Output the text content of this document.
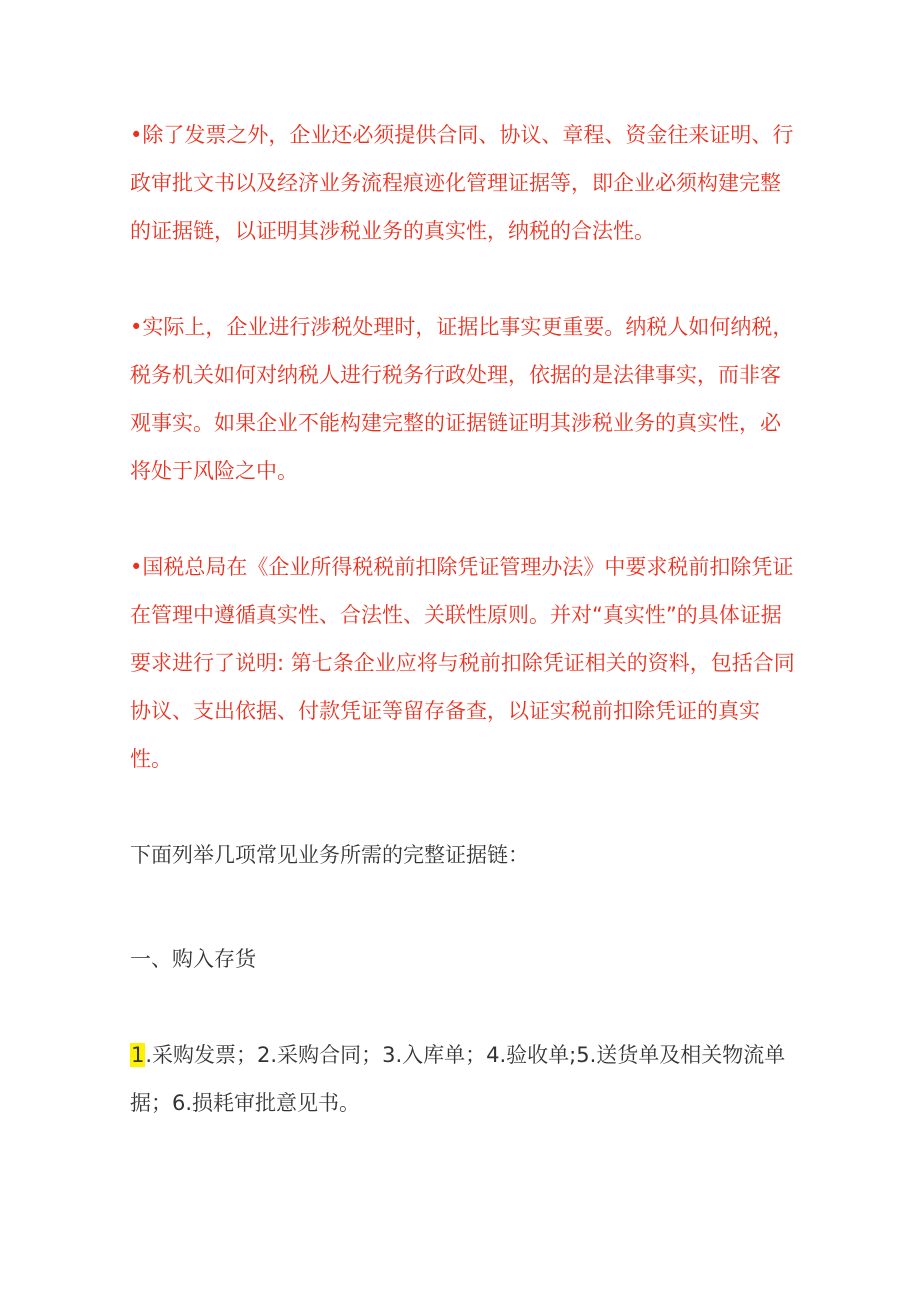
•除了发票之外，企业还必须提供合同、协议、章程、资金往来证明、行政审批文书以及经济业务流程痕迹化管理证据等，即企业必须构建完整的证据链，以证明其涉税业务的真实性，纳税的合法性。

•实际上，企业进行涉税处理时，证据比事实更重要。纳税人如何纳税，税务机关如何对纳税人进行税务行政处理，依据的是法律事实，而非客观事实。如果企业不能构建完整的证据链证明其涉税业务的真实性，必将处于风险之中。

•国税总局在《企业所得税税前扣除凭证管理办法》中要求税前扣除凭证在管理中遵循真实性、合法性、关联性原则。并对“真实性”的具体证据要求进行了说明: 第七条企业应将与税前扣除凭证相关的资料，包括合同协议、支出依据、付款凭证等留存备查，以证实税前扣除凭证的真实性。

下面列举几项常见业务所需的完整证据链：

一、购入存货

1.采购发票；2.采购合同；3.入库单；4.验收单;5.送货单及相关物流单据；6.损耗审批意见书。
